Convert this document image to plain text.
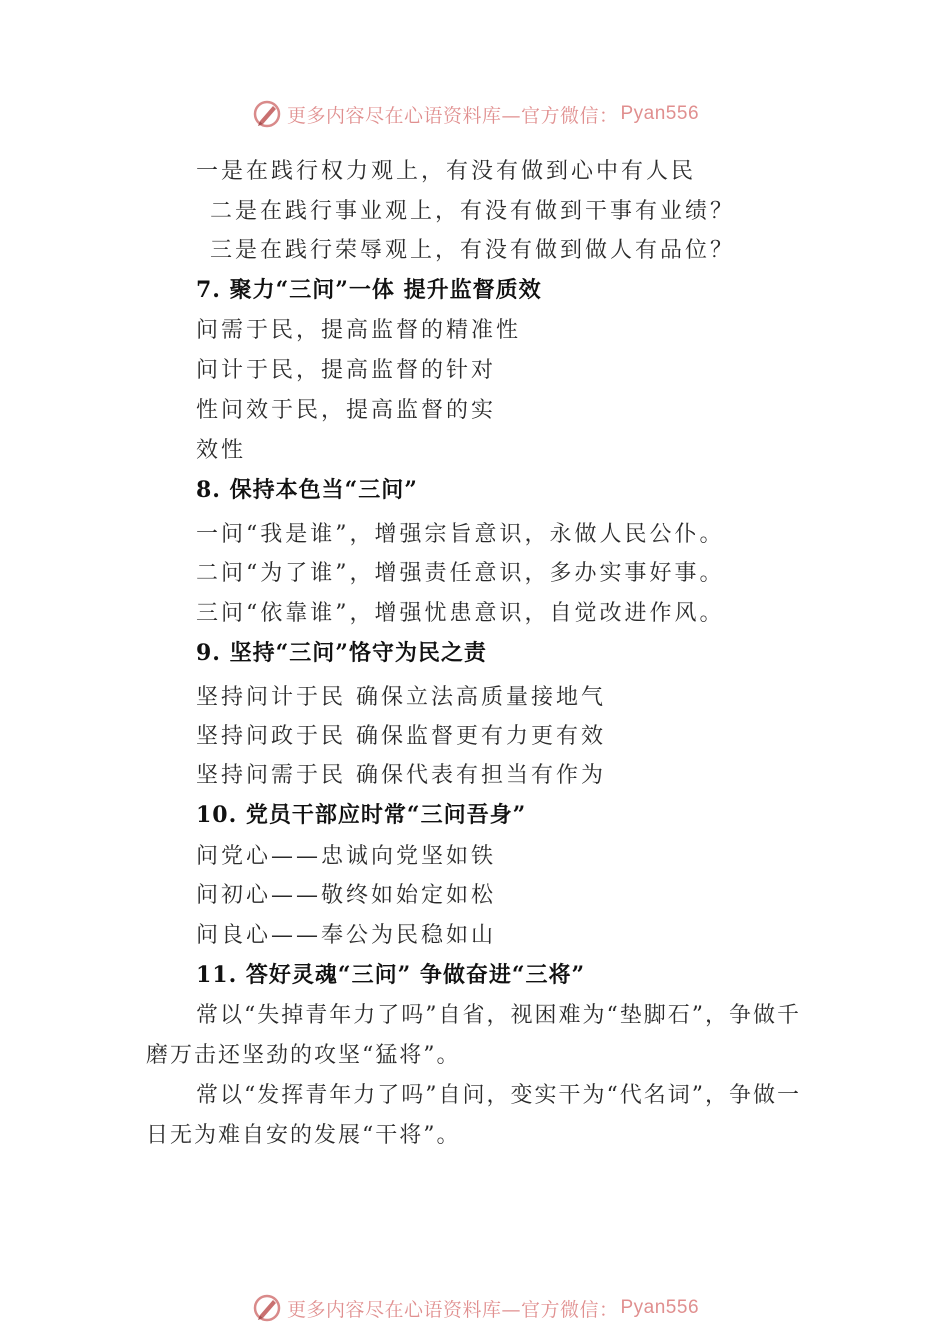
更多内容尽在心语资料库—官方微信： Pyan556
一是在践行权力观上，有没有做到心中有人民
二是在践行事业观上，有没有做到干事有业绩？
三是在践行荣辱观上，有没有做到做人有品位？
7. 聚力“三问”一体 提升监督质效
问需于民，提高监督的精准性
问计于民，提高监督的针对
性问效于民，提高监督的实
效性
8. 保持本色当“三问”
一问“我是谁”，增强宗旨意识，永做人民公仆。
二问“为了谁”，增强责任意识，多办实事好事。
三问“依靠谁”，增强忧患意识，自觉改进作风。
9. 坚持“三问”恪守为民之责
坚持问计于民 确保立法高质量接地气
坚持问政于民 确保监督更有力更有效
坚持问需于民 确保代表有担当有作为
10. 党员干部应时常“三问吾身”
问党心——忠诚向党坚如铁
问初心——敬终如始定如松
问良心——奉公为民稳如山
11. 答好灵魂“三问” 争做奋进“三将”
常以“失掉青年力了吗”自省，视困难为“垫脚石”，争做千磨万击还坚劲的攻坚“猛将”。
常以“发挥青年力了吗”自问，变实干为“代名词”，争做一日无为难自安的发展“干将”。
更多内容尽在心语资料库—官方微信： Pyan556
